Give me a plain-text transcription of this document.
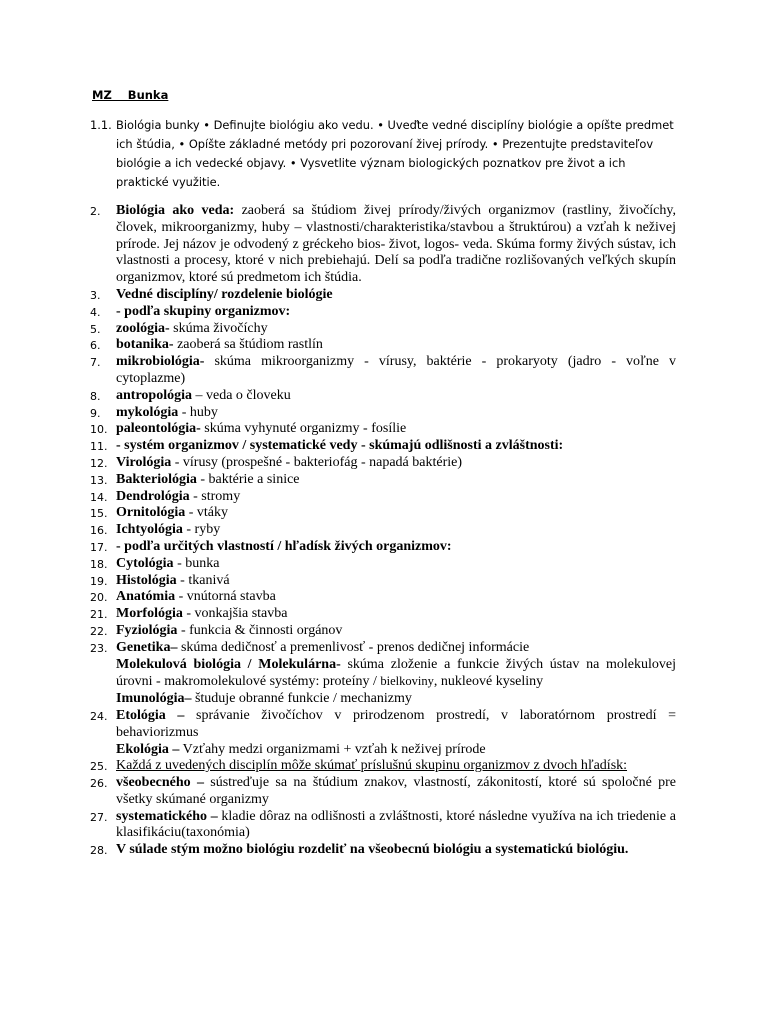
MZ    Bunka
1.1. Biológia bunky • Definujte biológiu ako vedu. • Uveďte vedné disciplíny biológie a opíšte predmet ich štúdia, • Opíšte základné metódy pri pozorovaní živej prírody. • Prezentujte predstaviteľov biológie a ich vedecké objavy. • Vysvetlite význam biologických poznatkov pre život a ich praktické využitie.
2. Biológia ako veda: zaoberá sa štúdiom živej prírody/živých organizmov (rastliny, živočíchy, človek, mikroorganizmy, huby – vlastnosti/charakteristika/stavbou a štruktúrou) a vzťah k neživej prírode. Jej názov je odvodený z gréckeho bios- život, logos- veda. Skúma formy živých sústav, ich vlastnosti a procesy, ktoré v nich prebiehajú. Delí sa podľa tradične rozlišovaných veľkých skupín organizmov, ktoré sú predmetom ich štúdia.
3. Vedné disciplíny/ rozdelenie biológie
4. - podľa skupiny organizmov:
5. zoológia- skúma živočíchy
6. botanika- zaoberá sa štúdiom rastlín
7. mikrobiológia- skúma mikroorganizmy - vírusy, baktérie - prokaryoty (jadro - voľne v cytoplazme)
8. antropológia – veda o človeku
9. mykológia - huby
10. paleontológia- skúma vyhynuté organizmy - fosílie
11. - systém organizmov / systematické vedy - skúmajú odlišnosti a zvláštnosti:
12. Virológia - vírusy (prospešné - bakteriofág - napadá baktérie)
13. Bakteriológia - baktérie a sinice
14. Dendrológia - stromy
15. Ornitológia - vtáky
16. Ichtyológia - ryby
17. - podľa určitých vlastností / hľadísk živých organizmov:
18. Cytológia - bunka
19. Histológia - tkanivá
20. Anatómia - vnútorná stavba
21. Morfológia - vonkajšia stavba
22. Fyziológia - funkcia & činnosti orgánov
23. Genetika– skúma dedičnosť a premenlivosť - prenos dedičnej informácie
Molekulová biológia / Molekulárna- skúma zloženie a funkcie živých ústav na molekulovej úrovni - makromolekulové systémy: proteíny / bielkoviny, nukleové kyseliny
Imunológia– študuje obranné funkcie / mechanizmy
24. Etológia – správanie živočíchov v prirodzenom prostredí, v laboratórnom prostredí = behaviorizmus
Ekológia – Vzťahy medzi organizmami + vzťah k neživej prírode
25. Každá z uvedených disciplín môže skúmať príslušnú skupinu organizmov z dvoch hľadísk:
26. všeobecného – sústreďuje sa na štúdium znakov, vlastností, zákonitostí, ktoré sú spoločné pre všetky skúmané organizmy
27. systematického – kladie dôraz na odlišnosti a zvláštnosti, ktoré následne využíva na ich triedenie a klasifikáciu(taxonómia)
28. V súlade stým možno biológiu rozdeliť na všeobecnú biológiu a systematickú biológiu.
